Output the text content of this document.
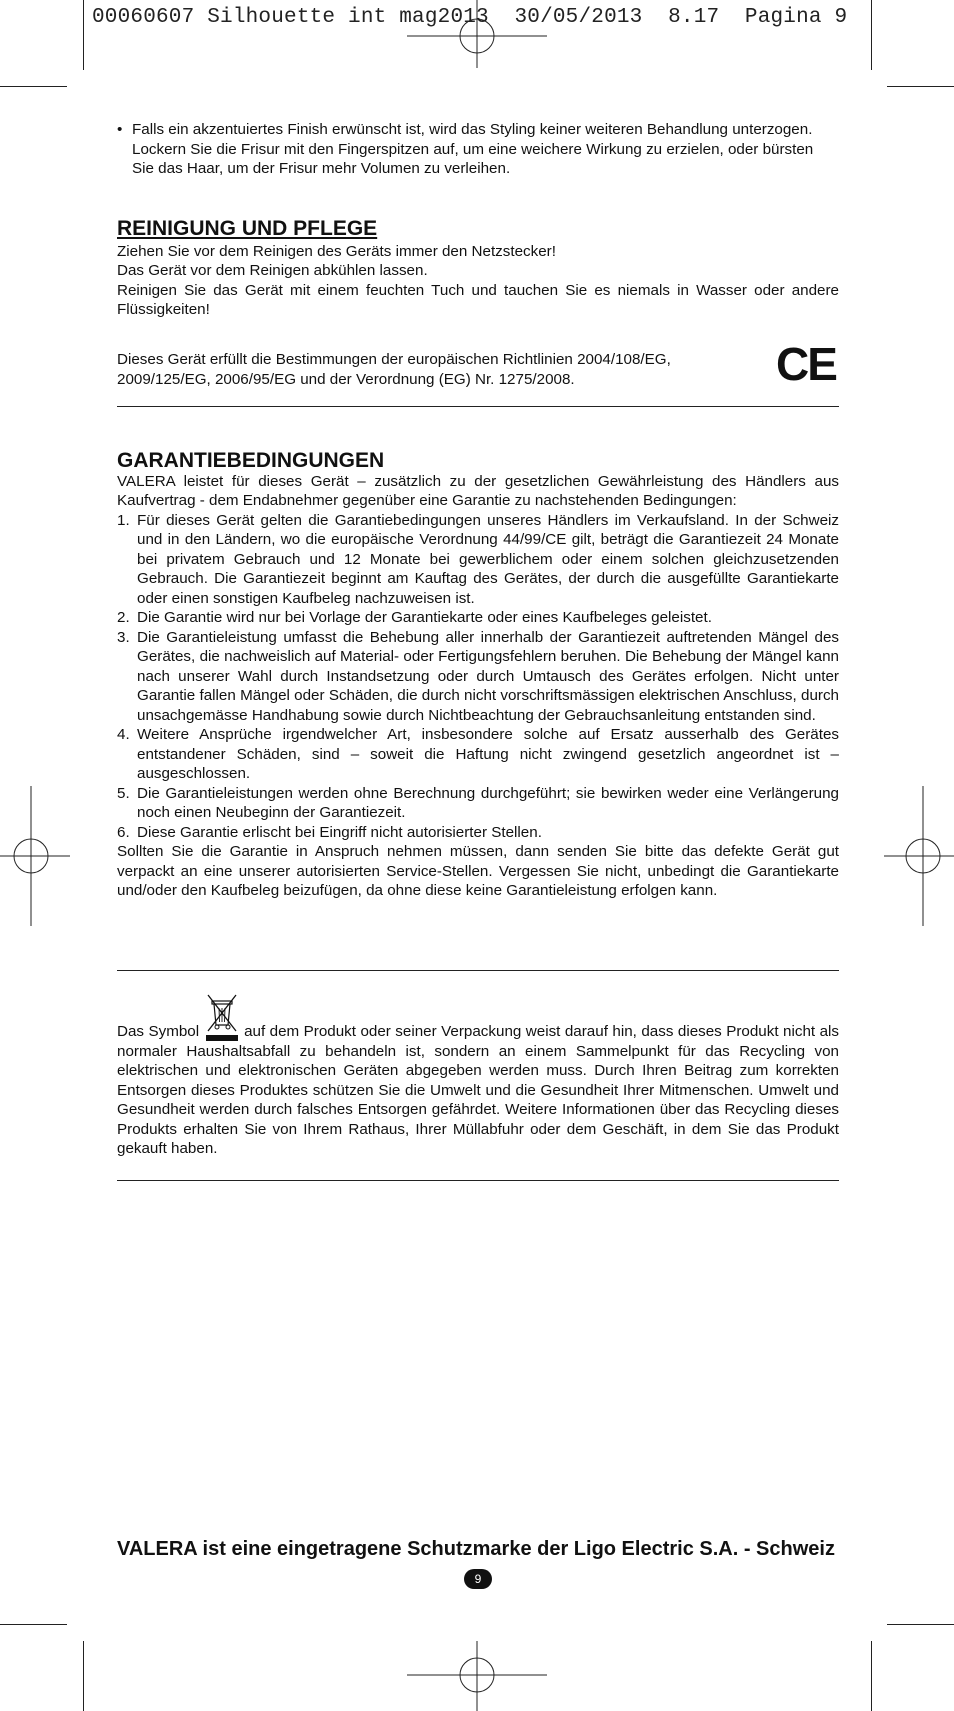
00060607 Silhouette int mag2013  30/05/2013  8.17  Pagina 9
• Falls ein akzentuiertes Finish erwünscht ist, wird das Styling keiner weiteren Behandlung unterzogen. Lockern Sie die Frisur mit den Fingerspitzen auf, um eine weichere Wirkung zu erzielen, oder bürsten Sie das Haar, um der Frisur mehr Volumen zu verleihen.
REINIGUNG UND PFLEGE

Ziehen Sie vor dem Reinigen des Geräts immer den Netzstecker!

Das Gerät vor dem Reinigen abkühlen lassen.

Reinigen Sie das Gerät mit einem feuchten Tuch und tauchen Sie es niemals in Wasser oder andere Flüssigkeiten!

Dieses Gerät erfüllt die Bestimmungen der europäischen Richtlinien 2004/108/EG, 2009/125/EG, 2006/95/EG und der Verordnung (EG) Nr. 1275/2008.	CE
GARANTIEBEDINGUNGEN

VALERA leistet für dieses Gerät – zusätzlich zu der gesetzlichen Gewährleistung des Händlers aus Kaufvertrag - dem Endabnehmer gegenüber eine Garantie zu nachstehenden Bedingungen:

1. Für dieses Gerät gelten die Garantiebedingungen unseres Händlers im Verkaufsland. In der Schweiz und in den Ländern, wo die europäische Verordnung 44/99/CE gilt, beträgt die Garantiezeit 24 Monate bei privatem Gebrauch und 12 Monate bei gewerblichem oder einem solchen gleichzusetzenden Gebrauch. Die Garantiezeit beginnt am Kauftag des Gerätes, der durch die ausgefüllte Garantiekarte oder einen sonstigen Kaufbeleg nachzuweisen ist.
2. Die Garantie wird nur bei Vorlage der Garantiekarte oder eines Kaufbeleges geleistet.
3. Die Garantieleistung umfasst die Behebung aller innerhalb der Garantiezeit auftretenden Mängel des Gerätes, die nachweislich auf Material- oder Fertigungsfehlern beruhen. Die Behebung der Mängel kann nach unserer Wahl durch Instandsetzung oder durch Umtausch des Gerätes erfolgen. Nicht unter Garantie fallen Mängel oder Schäden, die durch nicht vorschriftsmässigen elektrischen Anschluss, durch unsachgemässe Handhabung sowie durch Nichtbeachtung der Gebrauchsanleitung entstanden sind.
4. Weitere Ansprüche irgendwelcher Art, insbesondere solche auf Ersatz ausserhalb des Gerätes entstandener Schäden, sind – soweit die Haftung nicht zwingend gesetzlich angeordnet ist – ausgeschlossen.
5. Die Garantieleistungen werden ohne Berechnung durchgeführt; sie bewirken weder eine Verlängerung noch einen Neubeginn der Garantiezeit.
6. Diese Garantie erlischt bei Eingriff nicht autorisierter Stellen.

Sollten Sie die Garantie in Anspruch nehmen müssen, dann senden Sie bitte das defekte Gerät gut verpackt an eine unserer autorisierten Service-Stellen. Vergessen Sie nicht, unbedingt die Garantiekarte und/oder den Kaufbeleg beizufügen, da ohne diese keine Garantieleistung erfolgen kann.

Das Symbol	auf dem Produkt oder seiner Verpackung weist darauf hin, dass dieses Produkt nicht als normaler Haushaltsabfall zu behandeln ist, sondern an einem Sammelpunkt für das Recycling von elektrischen und elektronischen Geräten abgegeben werden muss. Durch Ihren Beitrag zum korrekten Entsorgen dieses Produktes schützen Sie die Umwelt und die Gesundheit Ihrer Mitmenschen. Umwelt und Gesundheit werden durch falsches Entsorgen gefährdet. Weitere Informationen über das Recycling dieses Produkts erhalten Sie von Ihrem Rathaus, Ihrer Müllabfuhr oder dem Geschäft, in dem Sie das Produkt gekauft haben.
VALERA ist eine eingetragene Schutzmarke der Ligo Electric S.A. - Schweiz
9
